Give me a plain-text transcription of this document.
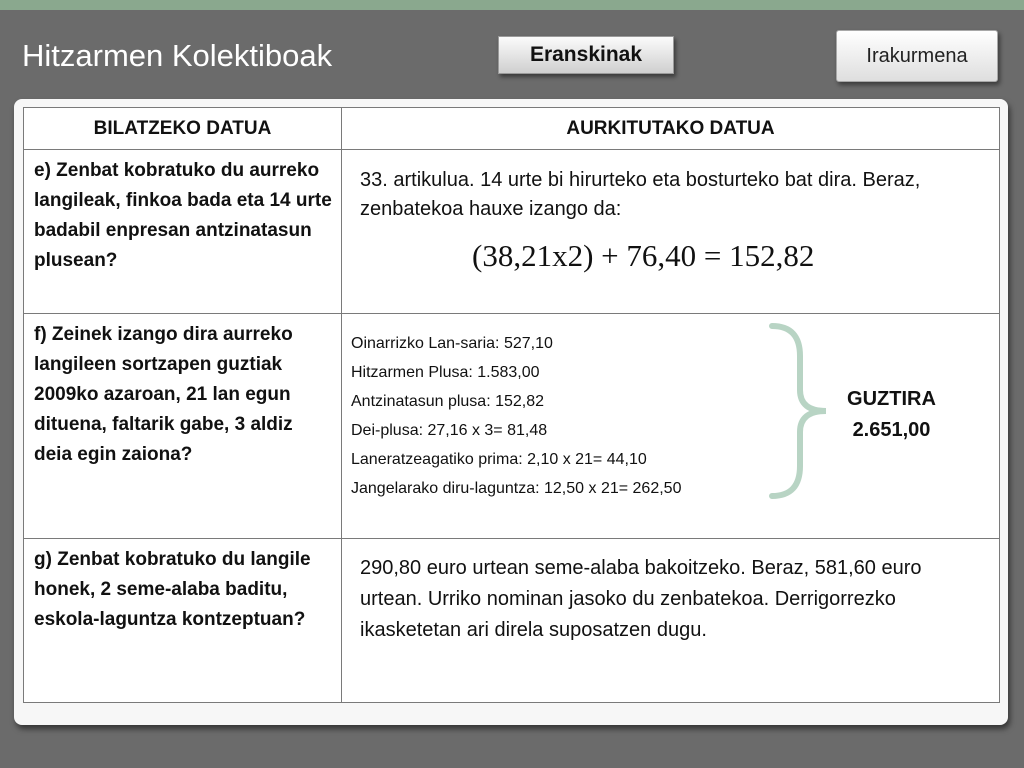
Hitzarmen Kolektiboak	Eranskinak	Irakurmena
BILATZEKO DATUA	AURKITUTAKO DATUA
e) Zenbat kobratuko du aurreko langileak, finkoa bada eta 14 urte badabil enpresan antzinatasun plusean?
33. artikulua. 14 urte bi hirurteko eta bosturteko bat dira. Beraz, zenbatekoa hauxe izango da:
(38,21x2) + 76,40 = 152,82
f) Zeinek izango dira aurreko langileen sortzapen guztiak 2009ko azaroan, 21 lan egun dituena, faltarik gabe, 3 aldiz deia egin zaiona?
Oinarrizko Lan-saria: 527,10
Hitzarmen Plusa: 1.583,00
Antzinatasun plusa: 152,82
Dei-plusa: 27,16 x 3= 81,48
Laneratzeagatiko prima: 2,10 x 21= 44,10
Jangelarako diru-laguntza: 12,50 x 21= 262,50
GUZTIRA
2.651,00
g) Zenbat kobratuko du langile honek, 2 seme-alaba baditu, eskola-laguntza kontzeptuan?
290,80 euro urtean seme-alaba bakoitzeko. Beraz, 581,60 euro urtean. Urriko nominan jasoko du zenbatekoa. Derrigorrezko ikasketetan ari direla suposatzen dugu.
